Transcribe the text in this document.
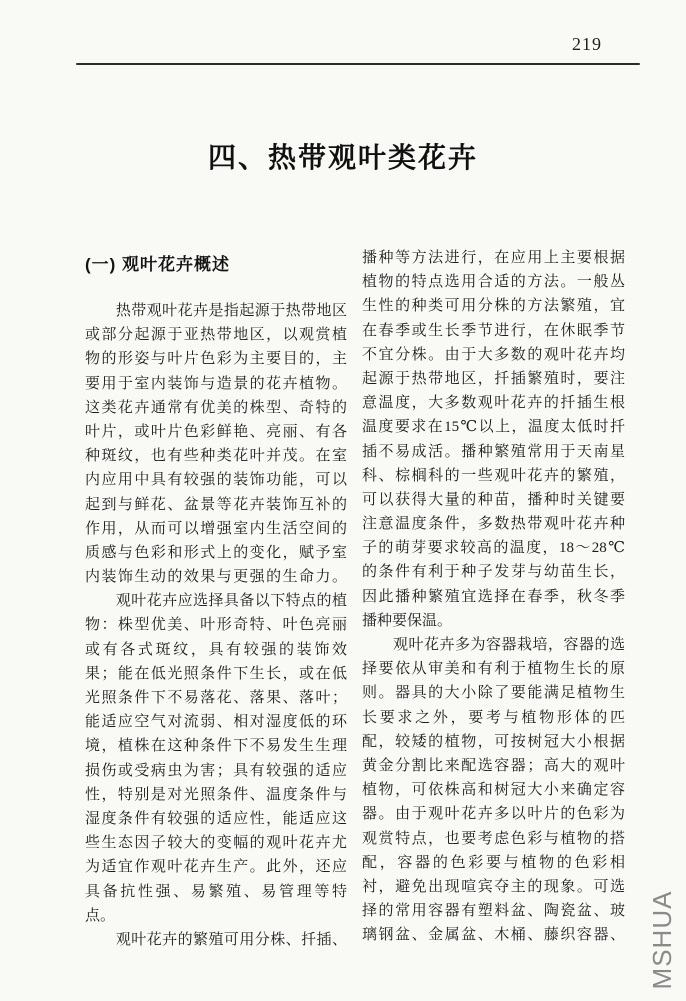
219
四、热带观叶类花卉
(一) 观叶花卉概述
　　热带观叶花卉是指起源于热带地区
或部分起源于亚热带地区，以观赏植
物的形姿与叶片色彩为主要目的，主
要用于室内装饰与造景的花卉植物。
这类花卉通常有优美的株型、奇特的
叶片，或叶片色彩鲜艳、亮丽、有各
种斑纹，也有些种类花叶并茂。在室
内应用中具有较强的装饰功能，可以
起到与鲜花、盆景等花卉装饰互补的
作用，从而可以增强室内生活空间的
质感与色彩和形式上的变化，赋予室
内装饰生动的效果与更强的生命力。
　　观叶花卉应选择具备以下特点的植
物：株型优美、叶形奇特、叶色亮丽
或有各式斑纹，具有较强的装饰效
果；能在低光照条件下生长，或在低
光照条件下不易落花、落果、落叶；
能适应空气对流弱、相对湿度低的环
境，植株在这种条件下不易发生生理
损伤或受病虫为害；具有较强的适应
性，特别是对光照条件、温度条件与
湿度条件有较强的适应性，能适应这
些生态因子较大的变幅的观叶花卉尤
为适宜作观叶花卉生产。此外，还应
具备抗性强、易繁殖、易管理等特
点。
　　观叶花卉的繁殖可用分株、扦插、
播种等方法进行，在应用上主要根据
植物的特点选用合适的方法。一般丛
生性的种类可用分株的方法繁殖，宜
在春季或生长季节进行，在休眠季节
不宜分株。由于大多数的观叶花卉均
起源于热带地区，扦插繁殖时，要注
意温度，大多数观叶花卉的扦插生根
温度要求在15℃以上，温度太低时扦
插不易成活。播种繁殖常用于天南星
科、棕榈科的一些观叶花卉的繁殖，
可以获得大量的种苗，播种时关键要
注意温度条件，多数热带观叶花卉种
子的萌芽要求较高的温度，18～28℃
的条件有利于种子发芽与幼苗生长，
因此播种繁殖宜选择在春季，秋冬季
播种要保温。
　　观叶花卉多为容器栽培，容器的选
择要依从审美和有利于植物生长的原
则。器具的大小除了要能满足植物生
长要求之外，要考与植物形体的匹
配，较矮的植物，可按树冠大小根据
黄金分割比来配选容器；高大的观叶
植物，可依株高和树冠大小来确定容
器。由于观叶花卉多以叶片的色彩为
观赏特点，也要考虑色彩与植物的搭
配，容器的色彩要与植物的色彩相
衬，避免出现喧宾夺主的现象。可选
择的常用容器有塑料盆、陶瓷盆、玻
璃钢盆、金属盆、木桶、藤织容器、 MSHUA
